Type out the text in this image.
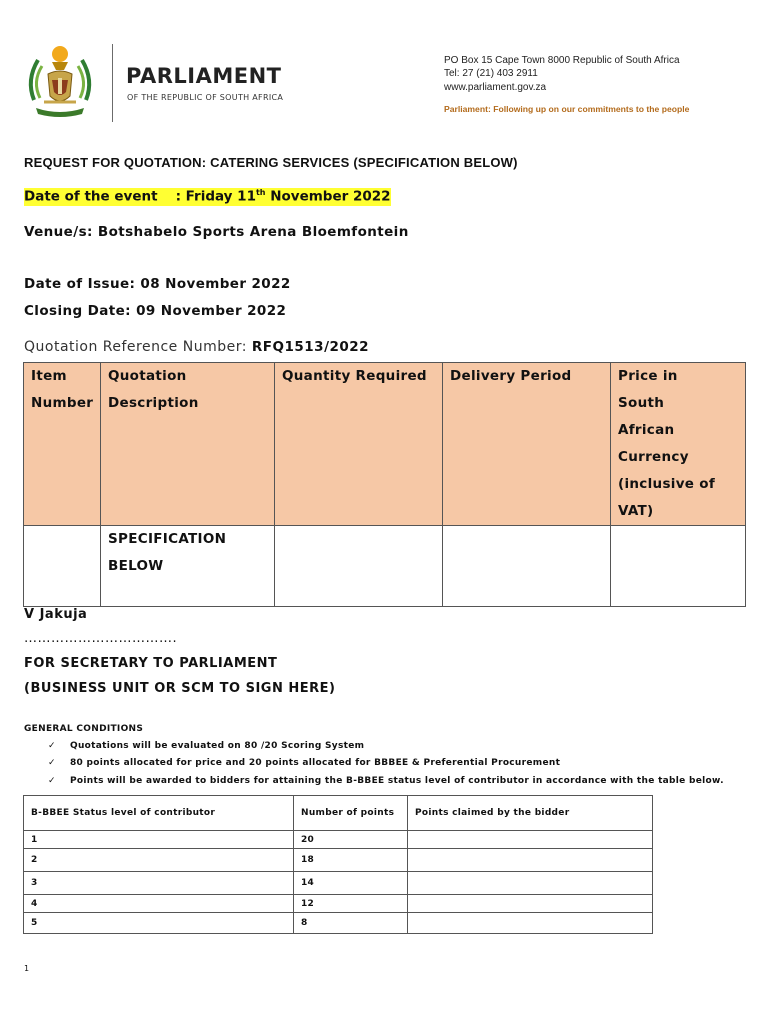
PARLIAMENT
OF THE REPUBLIC OF SOUTH AFRICA
PO Box 15 Cape Town 8000 Republic of South Africa
Tel: 27 (21) 403 2911
www.parliament.gov.za
Parliament: Following up on our commitments to the people
REQUEST FOR QUOTATION: CATERING SERVICES (SPECIFICATION BELOW)
Date of the event : Friday 11th November 2022
Venue/s: Botshabelo Sports Arena Bloemfontein
Date of Issue: 08 November 2022
Closing Date: 09 November 2022
Quotation Reference Number: RFQ1513/2022
Item Number	Quotation Description	Quantity Required	Delivery Period	Price in South African Currency (inclusive of VAT)
	SPECIFICATION BELOW			
V Jakuja
…………………………….
FOR SECRETARY TO PARLIAMENT
(BUSINESS UNIT OR SCM TO SIGN HERE)
GENERAL CONDITIONS
✓ Quotations will be evaluated on 80 /20 Scoring System
✓ 80 points allocated for price and 20 points allocated for BBBEE & Preferential Procurement
✓ Points will be awarded to bidders for attaining the B-BBEE status level of contributor in accordance with the table below.
B-BBEE Status level of contributor	Number of points	Points claimed by the bidder
1	20	
2	18	
3	14	
4	12	
5	8	
1
